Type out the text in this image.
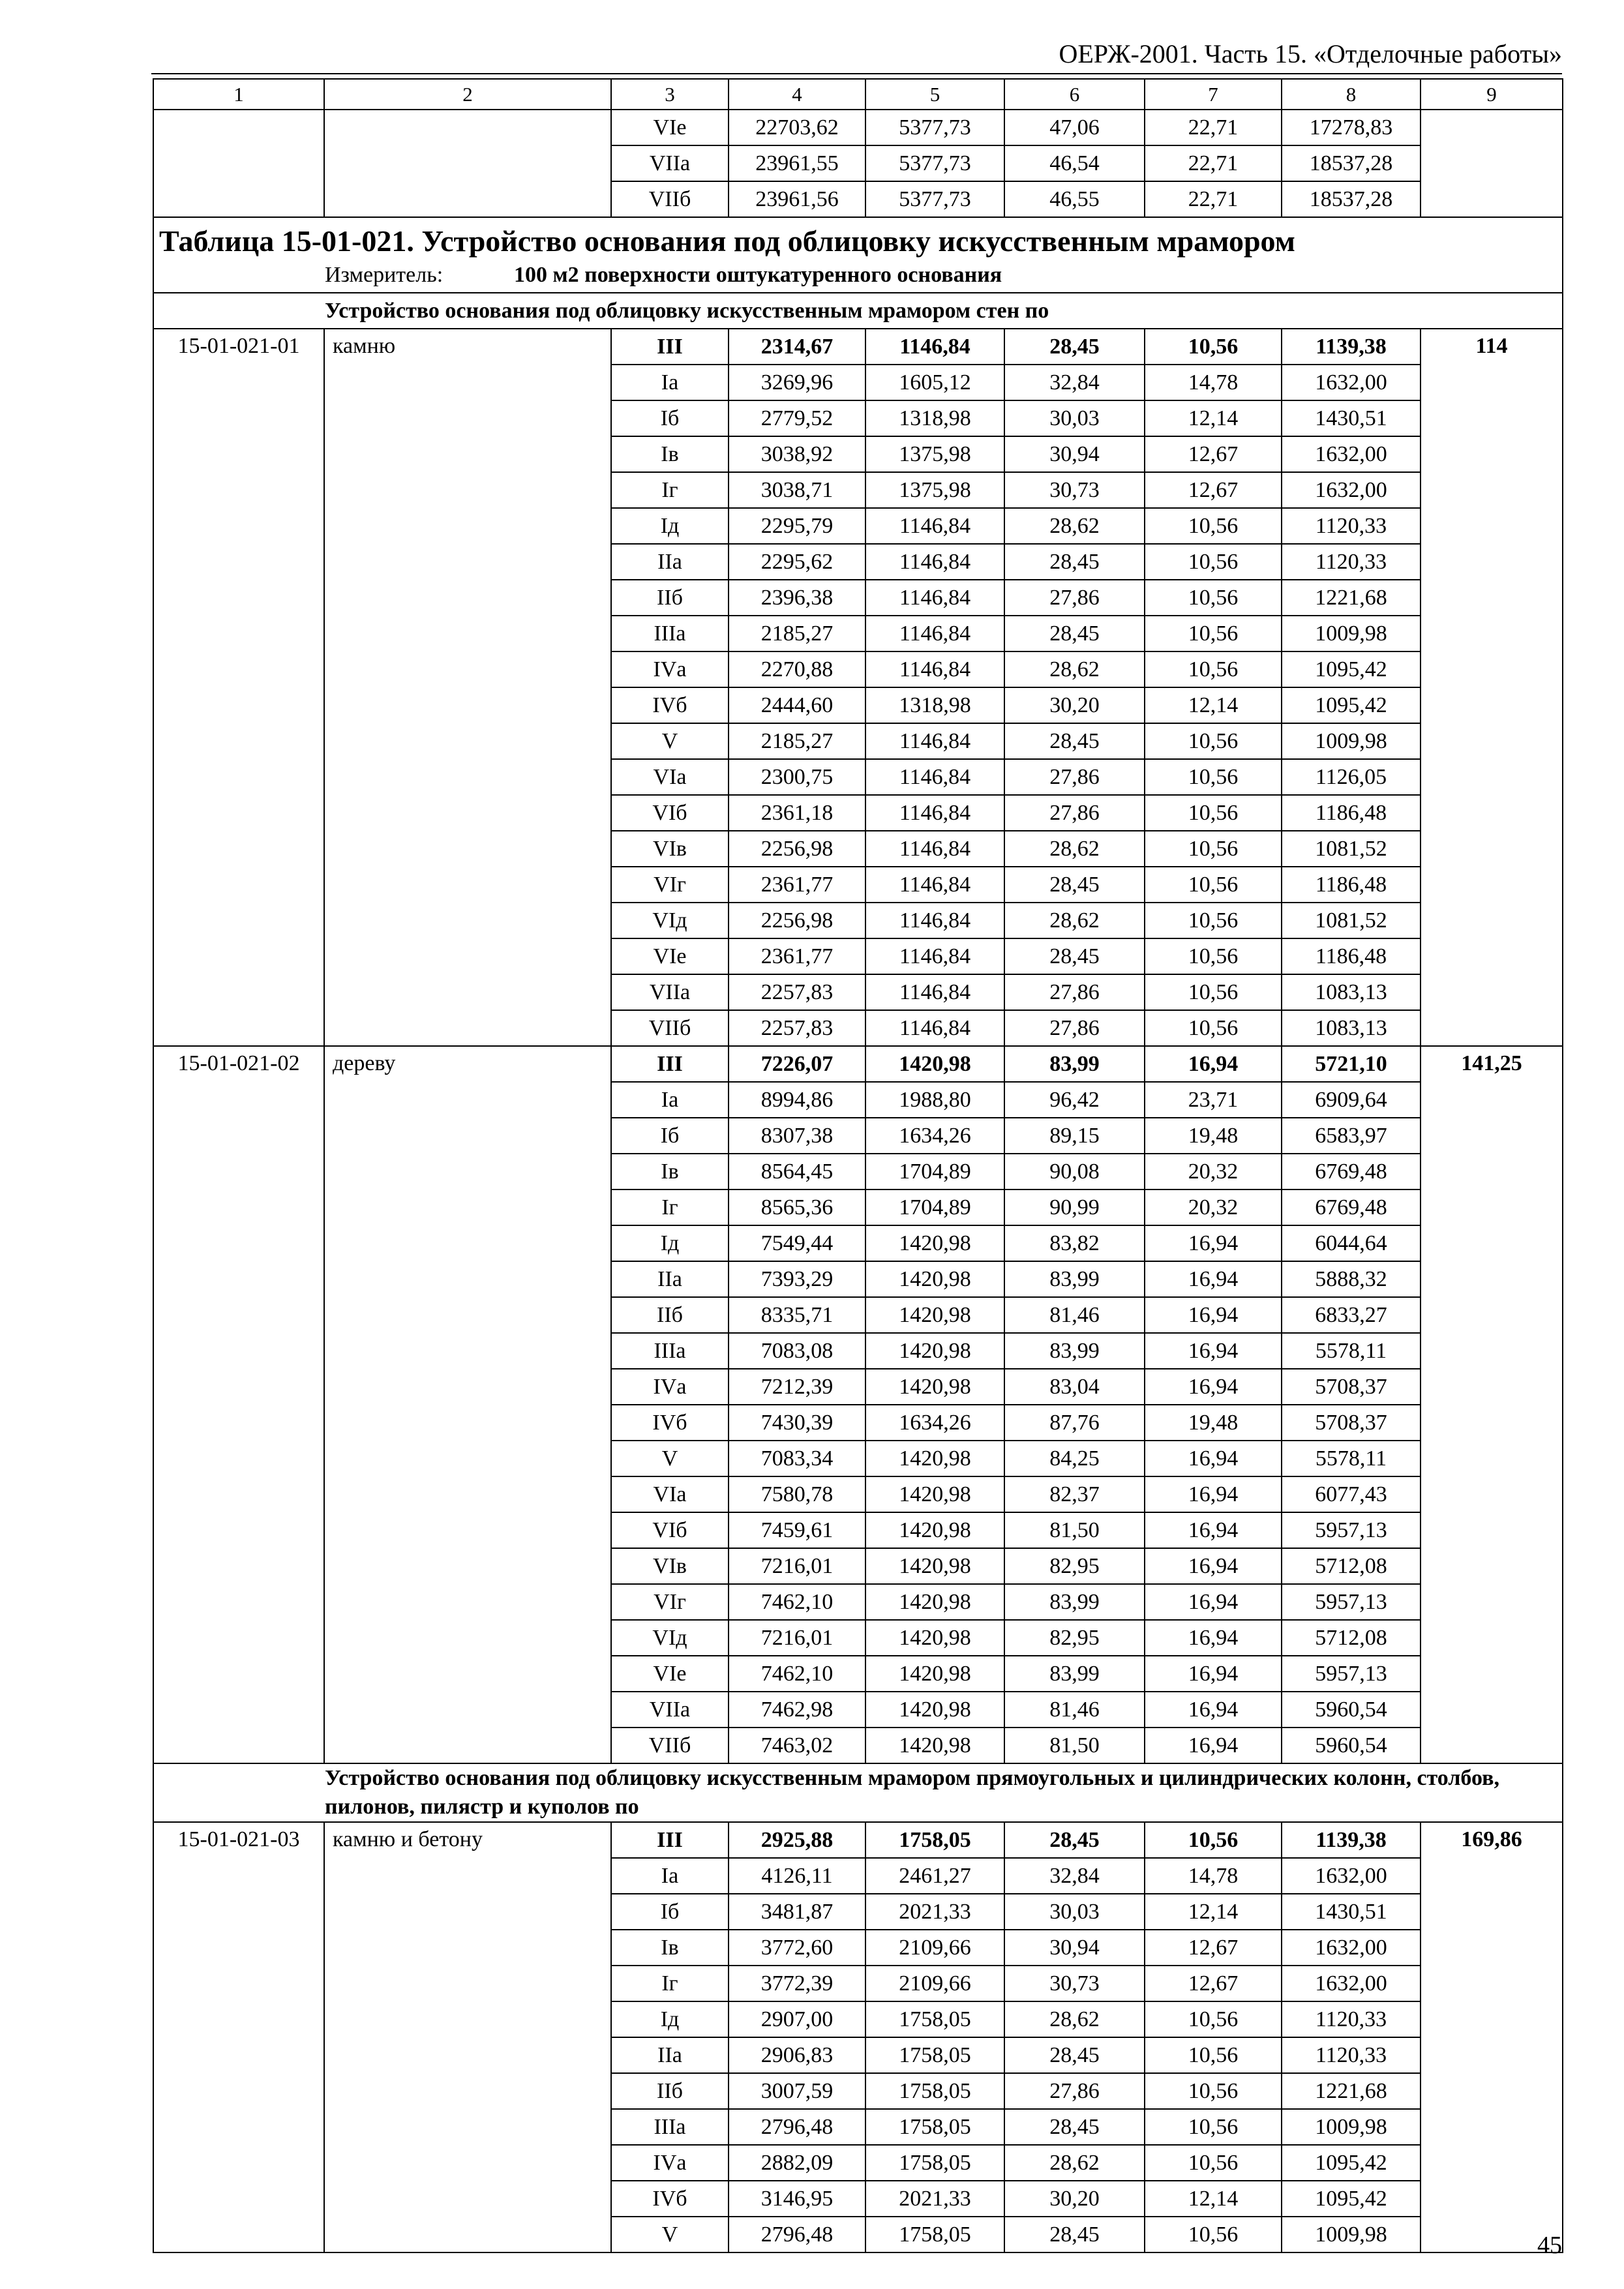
ОЕРЖ-2001. Часть 15. «Отделочные работы»
1	2	3	4	5	6	7	8	9
		VIе	22703,62	5377,73	47,06	22,71	17278,83	
		VIIа	23961,55	5377,73	46,54	22,71	18537,28	
		VIIб	23961,56	5377,73	46,55	22,71	18537,28	

Таблица 15-01-021. Устройство основания под облицовку искусственным мрамором
Измеритель: 100 м2 поверхности оштукатуренного основания								

Устройство основания под облицовку искусственным мрамором стен по								
15-01-021-01	камню	III	2314,67	1146,84	28,45	10,56	1139,38	114
		Iа	3269,96	1605,12	32,84	14,78	1632,00	
		Iб	2779,52	1318,98	30,03	12,14	1430,51	
		Iв	3038,92	1375,98	30,94	12,67	1632,00	
		Iг	3038,71	1375,98	30,73	12,67	1632,00	
		Iд	2295,79	1146,84	28,62	10,56	1120,33	
		IIа	2295,62	1146,84	28,45	10,56	1120,33	
		IIб	2396,38	1146,84	27,86	10,56	1221,68	
		IIIа	2185,27	1146,84	28,45	10,56	1009,98	
		IVа	2270,88	1146,84	28,62	10,56	1095,42	
		IVб	2444,60	1318,98	30,20	12,14	1095,42	
		V	2185,27	1146,84	28,45	10,56	1009,98	
		VIа	2300,75	1146,84	27,86	10,56	1126,05	
		VIб	2361,18	1146,84	27,86	10,56	1186,48	
		VIв	2256,98	1146,84	28,62	10,56	1081,52	
		VIг	2361,77	1146,84	28,45	10,56	1186,48	
		VIд	2256,98	1146,84	28,62	10,56	1081,52	
		VIе	2361,77	1146,84	28,45	10,56	1186,48	
		VIIа	2257,83	1146,84	27,86	10,56	1083,13	
		VIIб	2257,83	1146,84	27,86	10,56	1083,13	
15-01-021-02	дереву	III	7226,07	1420,98	83,99	16,94	5721,10	141,25
		Iа	8994,86	1988,80	96,42	23,71	6909,64	
		Iб	8307,38	1634,26	89,15	19,48	6583,97	
		Iв	8564,45	1704,89	90,08	20,32	6769,48	
		Iг	8565,36	1704,89	90,99	20,32	6769,48	
		Iд	7549,44	1420,98	83,82	16,94	6044,64	
		IIа	7393,29	1420,98	83,99	16,94	5888,32	
		IIб	8335,71	1420,98	81,46	16,94	6833,27	
		IIIа	7083,08	1420,98	83,99	16,94	5578,11	
		IVа	7212,39	1420,98	83,04	16,94	5708,37	
		IVб	7430,39	1634,26	87,76	19,48	5708,37	
		V	7083,34	1420,98	84,25	16,94	5578,11	
		VIа	7580,78	1420,98	82,37	16,94	6077,43	
		VIб	7459,61	1420,98	81,50	16,94	5957,13	
		VIв	7216,01	1420,98	82,95	16,94	5712,08	
		VIг	7462,10	1420,98	83,99	16,94	5957,13	
		VIд	7216,01	1420,98	82,95	16,94	5712,08	
		VIе	7462,10	1420,98	83,99	16,94	5957,13	
		VIIа	7462,98	1420,98	81,46	16,94	5960,54	
		VIIб	7463,02	1420,98	81,50	16,94	5960,54	
Устройство основания под облицовку искусственным мрамором прямоугольных и цилиндрических колонн, столбов, пилонов, пилястр и куполов по								
15-01-021-03	камню и бетону	III	2925,88	1758,05	28,45	10,56	1139,38	169,86
		Iа	4126,11	2461,27	32,84	14,78	1632,00	
		Iб	3481,87	2021,33	30,03	12,14	1430,51	
		Iв	3772,60	2109,66	30,94	12,67	1632,00	
		Iг	3772,39	2109,66	30,73	12,67	1632,00	
		Iд	2907,00	1758,05	28,62	10,56	1120,33	
		IIа	2906,83	1758,05	28,45	10,56	1120,33	
		IIб	3007,59	1758,05	27,86	10,56	1221,68	
		IIIа	2796,48	1758,05	28,45	10,56	1009,98	
		IVа	2882,09	1758,05	28,62	10,56	1095,42	
		IVб	3146,95	2021,33	30,20	12,14	1095,42	
		V	2796,48	1758,05	28,45	10,56	1009,98		45
